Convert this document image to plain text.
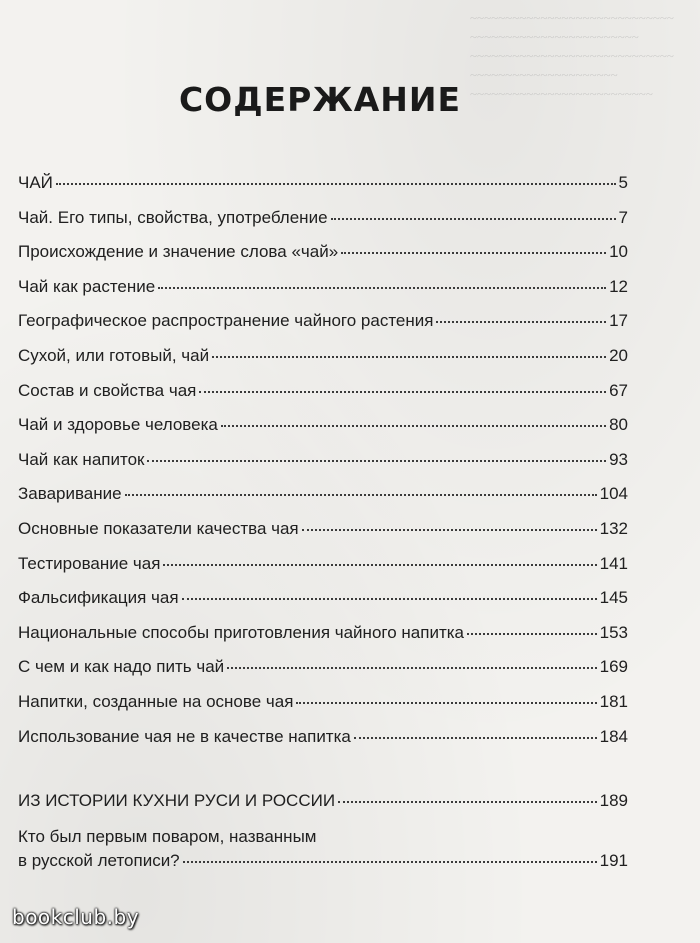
~~~~~~~~~~~~~~~~~~~~~~~~~~~~~
~~~~~~~~~~~~~~~~~~~~~~~~
~~~~~~~~~~~~~~~~~~~~~~~~~~~~~
~~~~~~~~~~~~~~~~~~~~~
~~~~~~~~~~~~~~~~~~~~~~~~~~
СОДЕРЖАНИЕ
ЧАЙ	5
Чай. Его типы, свойства, употребление	7
Происхождение и значение слова «чай»	10
Чай как растение	12
Географическое распространение чайного растения	17
Сухой, или готовый, чай	20
Состав и свойства чая	67
Чай и здоровье человека	80
Чай как напиток	93
Заваривание	104
Основные показатели качества чая	132
Тестирование чая	141
Фальсификация чая	145
Национальные способы приготовления чайного напитка	153
С чем и как надо пить чай	169
Напитки, созданные на основе чая	181
Использование чая не в качестве напитка	184
ИЗ ИСТОРИИ КУХНИ РУСИ И РОССИИ	189
Кто был первым поваром, названным
в русской летописи?	191
bookclub.by
